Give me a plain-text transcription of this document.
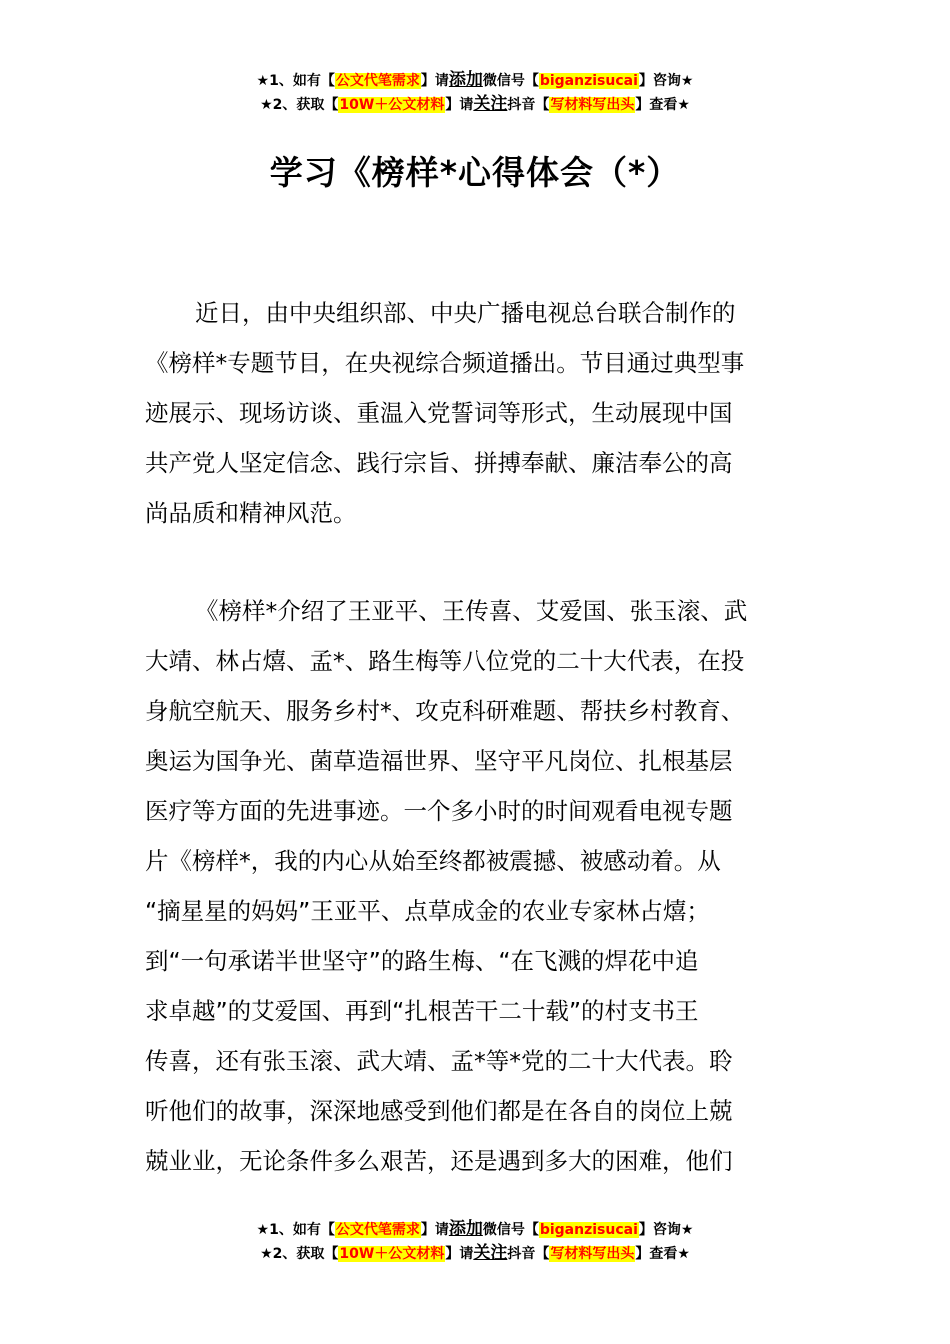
★1、如有【公文代笔需求】请添加微信号【biganzisucai】咨询★
★2、获取【10W＋公文材料】请关注抖音【写材料写出头】查看★
学习《榜样*心得体会（*）
近日，由中央组织部、中央广播电视总台联合制作的
《榜样*专题节目，在央视综合频道播出。节目通过典型事
迹展示、现场访谈、重温入党誓词等形式，生动展现中国
共产党人坚定信念、践行宗旨、拼搏奉献、廉洁奉公的高
尚品质和精神风范。
《榜样*介绍了王亚平、王传喜、艾爱国、张玉滚、武
大靖、林占熺、孟*、路生梅等八位党的二十大代表，在投
身航空航天、服务乡村*、攻克科研难题、帮扶乡村教育、
奥运为国争光、菌草造福世界、坚守平凡岗位、扎根基层
医疗等方面的先进事迹。一个多小时的时间观看电视专题
片《榜样*，我的内心从始至终都被震撼、被感动着。从
“摘星星的妈妈”王亚平、点草成金的农业专家林占熺；
到“一句承诺半世坚守”的路生梅、“在飞溅的焊花中追
求卓越”的艾爱国、再到“扎根苦干二十载”的村支书王
传喜，还有张玉滚、武大靖、孟*等*党的二十大代表。聆
听他们的故事，深深地感受到他们都是在各自的岗位上兢
兢业业，无论条件多么艰苦，还是遇到多大的困难，他们
★1、如有【公文代笔需求】请添加微信号【biganzisucai】咨询★
★2、获取【10W＋公文材料】请关注抖音【写材料写出头】查看★
